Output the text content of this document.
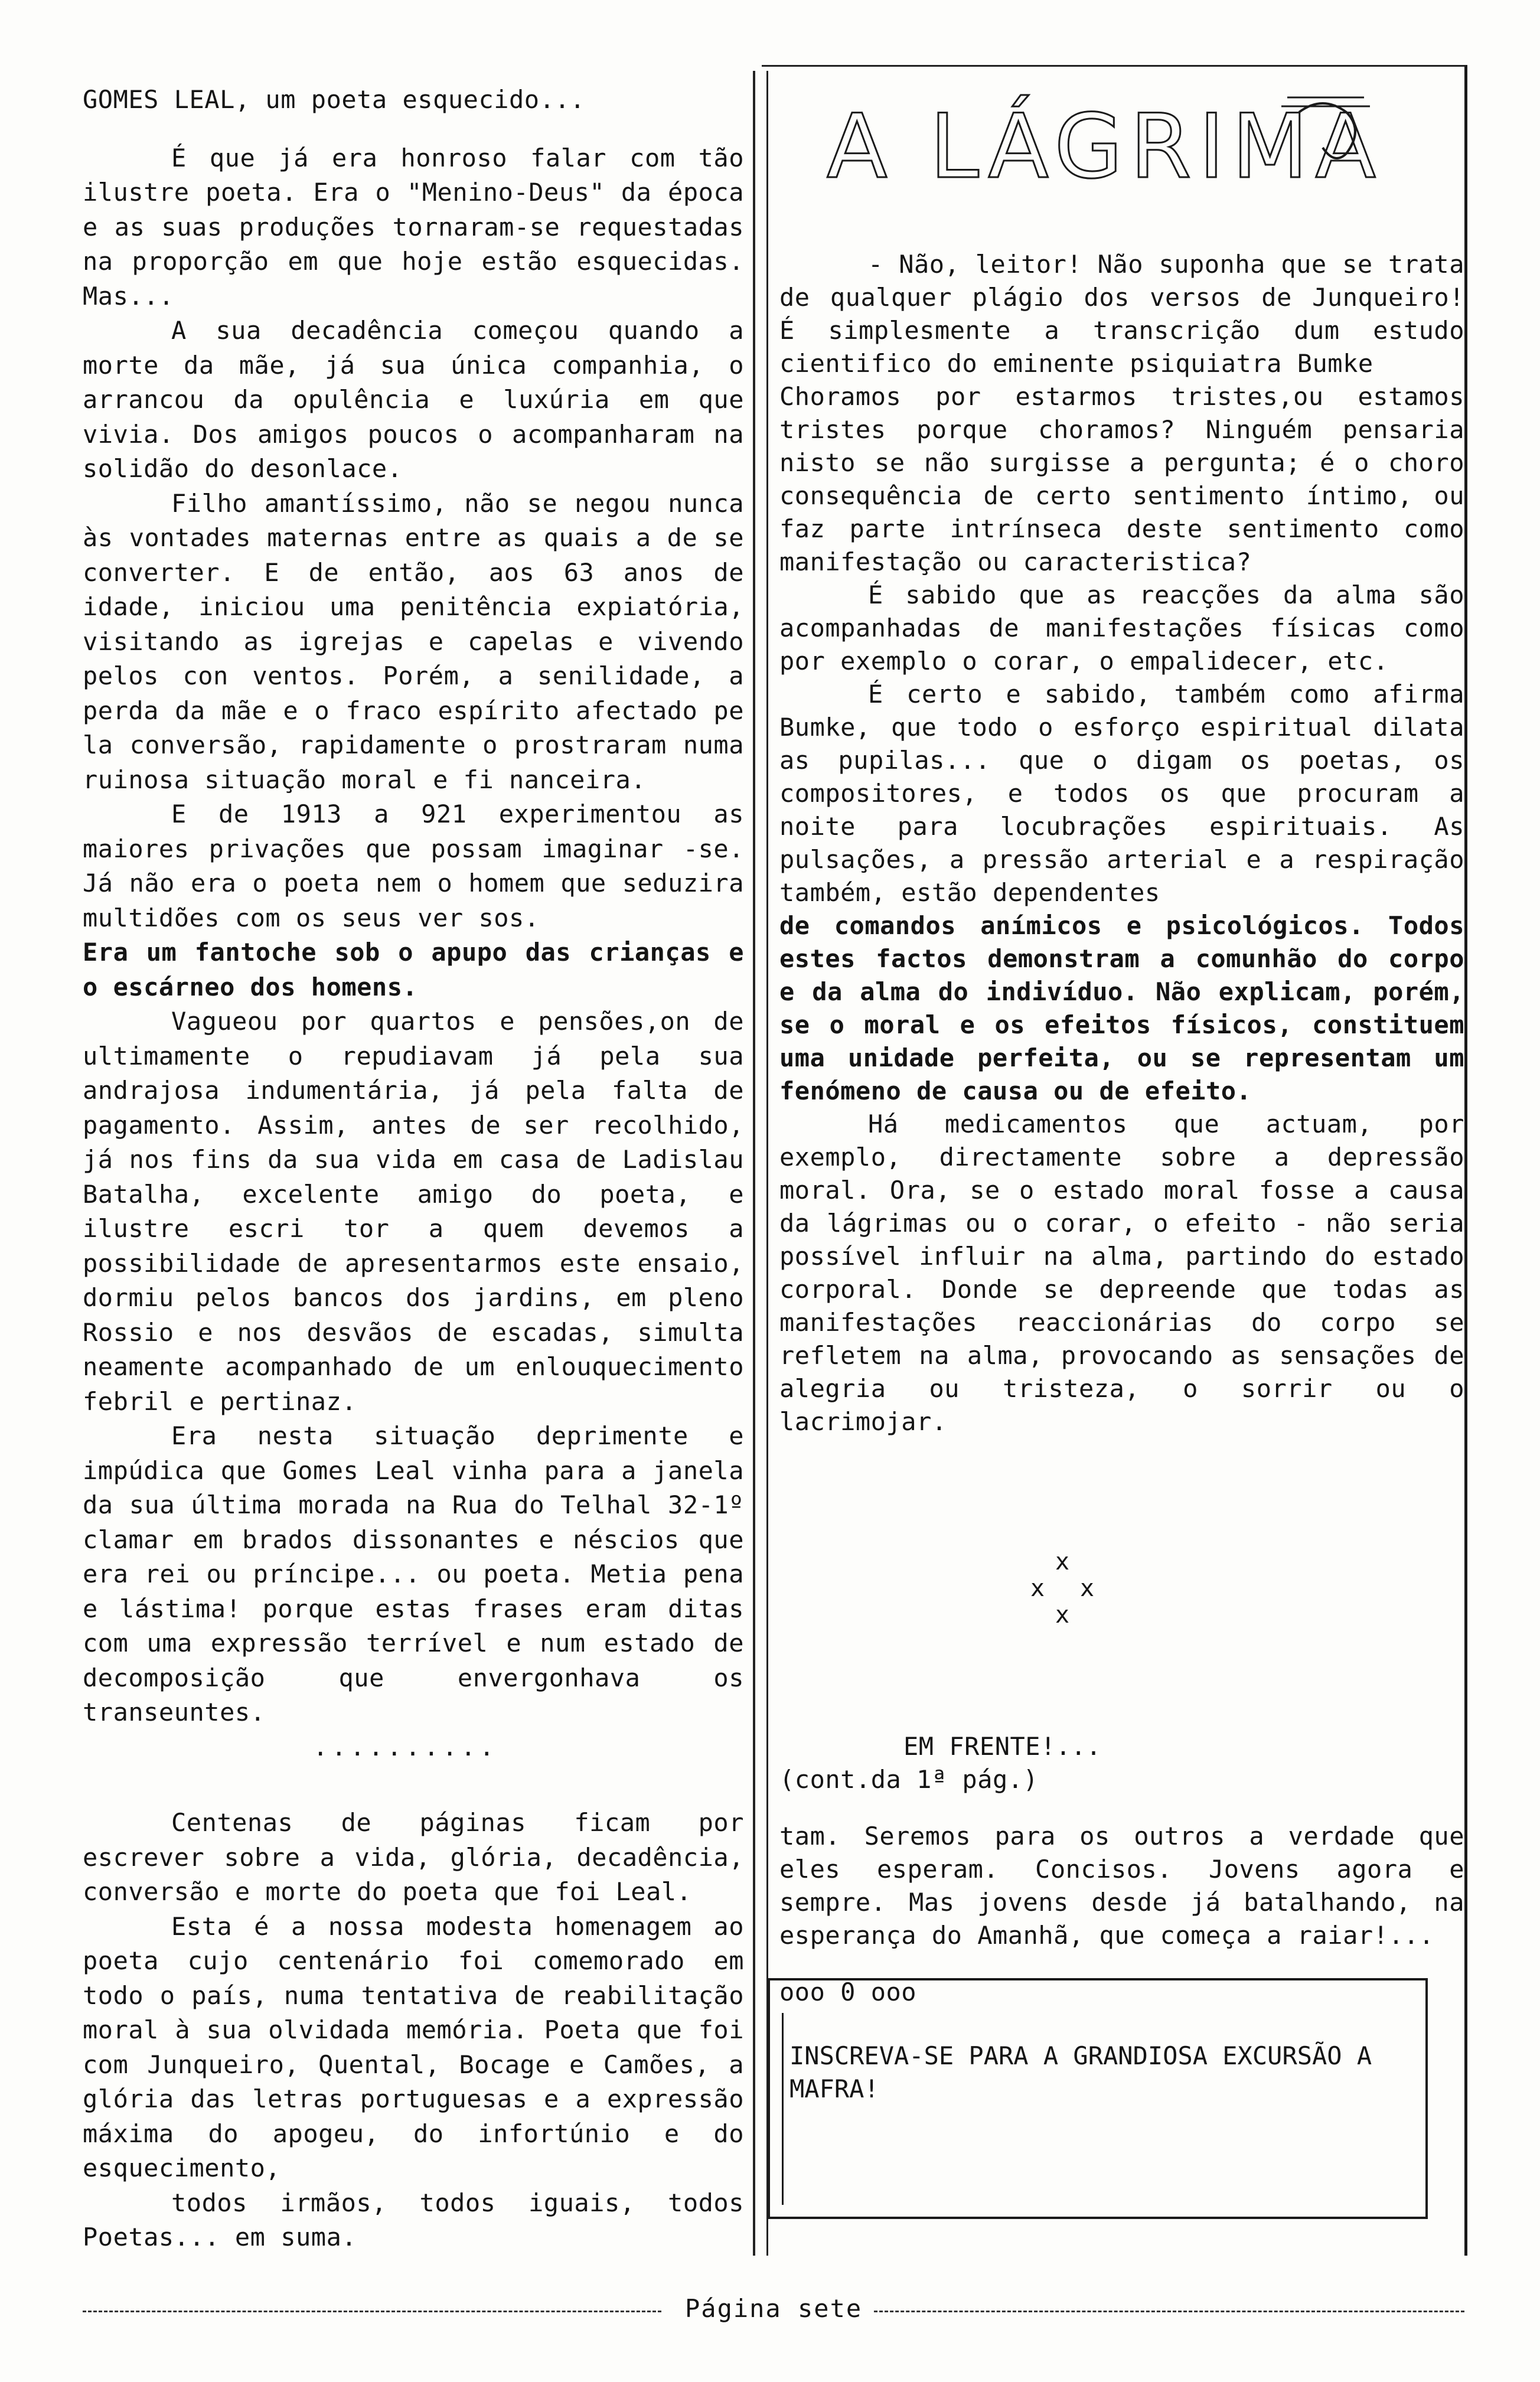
GOMES LEAL, um poeta esquecido...

É que já era honroso falar com tão ilustre poeta. Era o "Menino-Deus" da época e as suas produções tornaram-se requestadas na proporção em que hoje estão esquecidas. Mas...

A sua decadência começou quando a morte da mãe, já sua única companhia, o arrancou da opulência e luxúria em que vivia. Dos amigos poucos o acompanharam na solidão do desonlace.

Filho amantíssimo, não se negou nunca às vontades maternas entre as quais a de se converter. E de então, aos 63 anos de idade, iniciou uma penitência expiatória, visitando as igrejas e capelas e vivendo pelos con ventos. Porém, a senilidade, a perda da mãe e o fraco espírito afectado pe la conversão, rapidamente o prostraram numa ruinosa situação moral e fi nanceira.

E de 1913 a 921 experimentou as maiores privações que possam imaginar -se. Já não era o poeta nem o homem que seduzira multidões com os seus ver sos.

Era um fantoche sob o apupo das crianças e o escárneo dos homens.

Vagueou por quartos e pensões,on de ultimamente o repudiavam já pela sua andrajosa indumentária, já pela falta de pagamento. Assim, antes de ser recolhido, já nos fins da sua vida em casa de Ladislau Batalha, excelente amigo do poeta, e ilustre escri tor a quem devemos a possibilidade de apresentarmos este ensaio, dormiu pelos bancos dos jardins, em pleno Rossio e nos desvãos de escadas, simulta neamente acompanhado de um enlouquecimento febril e pertinaz.

Era nesta situação deprimente e impúdica que Gomes Leal vinha para a janela da sua última morada na Rua do Telhal 32-1º clamar em brados dissonantes e néscios que era rei ou príncipe... ou poeta. Metia pena e lástima! porque estas frases eram ditas com uma expressão terrível e num estado de decomposição que envergonhava os transeuntes.

..........

Centenas de páginas ficam por escrever sobre a vida, glória, decadência, conversão e morte do poeta que foi Leal.

Esta é a nossa modesta homenagem ao poeta cujo centenário foi comemorado em todo o país, numa tentativa de reabilitação moral à sua olvidada memória. Poeta que foi com Junqueiro, Quental, Bocage e Camões, a glória das letras portuguesas e a expressão máxima do apogeu, do infortúnio e do esquecimento,

todos irmãos, todos iguais, todos Poetas... em suma.

A LÁGRIMA

- Não, leitor! Não suponha que se trata de qualquer plágio dos versos de Junqueiro! É simplesmente a transcrição dum estudo cientifico do eminente psiquiatra Bumke

Choramos por estarmos tristes,ou estamos tristes porque choramos? Ninguém pensaria nisto se não surgisse a pergunta; é o choro consequência de certo sentimento íntimo, ou faz parte intrínseca deste sentimento como manifestação ou caracteristica?

É sabido que as reacções da alma são acompanhadas de manifestações físicas como por exemplo o corar, o empalidecer, etc.

É certo e sabido, também como afirma Bumke, que todo o esforço espiritual dilata as pupilas... que o digam os poetas, os compositores, e todos os que procuram a noite para locubrações espirituais. As pulsações, a pressão arterial e a respiração também, estão dependentes

de comandos anímicos e psicológicos. Todos estes factos demonstram a comunhão do corpo e da alma do indivíduo. Não explicam, porém, se o moral e os efeitos físicos, constituem uma unidade perfeita, ou se representam um fenómeno de causa ou de efeito.

Há medicamentos que actuam, por exemplo, directamente sobre a depressão moral. Ora, se o estado moral fosse a causa da lágrimas ou o corar, o efeito - não seria possível influir na alma, partindo do estado corporal. Donde se depreende que todas as manifestações reaccionárias do corpo se refletem na alma, provocando as sensações de alegria ou tristeza, o sorrir ou o lacrimojar.

x
x x
x

EM FRENTE!...

(cont.da 1ª pág.)

tam. Seremos para os outros a verdade que eles esperam. Concisos. Jovens agora e sempre. Mas jovens desde já batalhando, na esperança do Amanhã, que começa a raiar!...

ooo 0 ooo

INSCREVA-SE PARA A GRANDIOSA EXCURSÃO A MAFRA!
Página sete
